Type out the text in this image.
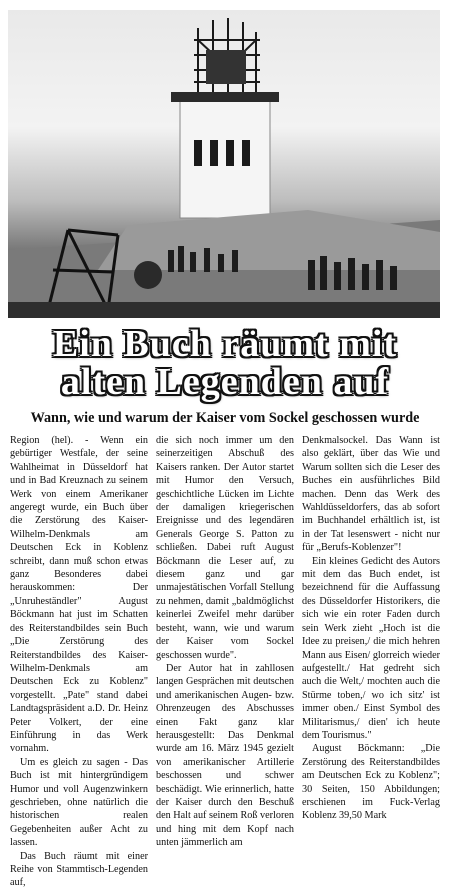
Ein Buch räumt mit
alten Legenden auf
Wann, wie und warum der Kaiser vom Sockel geschossen wurde

Region (hel). - Wenn ein gebürtiger Westfale, der seine Wahlheimat in Düsseldorf hat und in Bad Kreuznach zu seinem Werk von einem Amerikaner angeregt wurde, ein Buch über die Zerstörung des Kaiser-Wilhelm-Denkmals am Deutschen Eck in Koblenz schreibt, dann muß schon etwas ganz Besonderes dabei herauskommen: Der „Unruheständler" August Böckmann hat just im Schatten des Reiterstandbildes sein Buch „Die Zerstörung des Reiterstandbildes des Kaiser-Wilhelm-Denkmals am Deutschen Eck zu Koblenz" vorgestellt. „Pate" stand dabei Landtagspräsident a.D. Dr. Heinz Peter Volkert, der eine Einführung in das Werk vornahm.

Um es gleich zu sagen - Das Buch ist mit hintergründigem Humor und voll Augenzwinkern geschrieben, ohne natürlich die historischen realen Gegebenheiten außer Acht zu lassen.

Das Buch räumt mit einer Reihe von Stammtisch-Legenden auf,

die sich noch immer um den seinerzeitigen Abschuß des Kaisers ranken. Der Autor startet mit Humor den Versuch, geschichtliche Lücken im Lichte der damaligen kriegerischen Ereignisse und des legendären Generals George S. Patton zu schließen. Dabei ruft August Böckmann die Leser auf, zu diesem ganz und gar unmajestätischen Vorfall Stellung zu nehmen, damit „baldmöglichst keinerlei Zweifel mehr darüber besteht, wann, wie und warum der Kaiser vom Sockel geschossen wurde".

Der Autor hat in zahllosen langen Gesprächen mit deutschen und amerikanischen Augen- bzw. Ohrenzeugen des Abschusses einen Fakt ganz klar herausgestellt: Das Denkmal wurde am 16. März 1945 gezielt von amerikanischer Artillerie beschossen und schwer beschädigt. Wie erinnerlich, hatte der Kaiser durch den Beschuß den Halt auf seinem Roß verloren und hing mit dem Kopf nach unten jämmerlich am

Denkmalsockel. Das Wann ist also geklärt, über das Wie und Warum sollten sich die Leser des Buches ein ausführliches Bild machen. Denn das Werk des Wahldüsseldorfers, das ab sofort im Buchhandel erhältlich ist, ist in der Tat lesenswert - nicht nur für „Berufs-Koblenzer"!

Ein kleines Gedicht des Autors mit dem das Buch endet, ist bezeichnend für die Auffassung des Düsseldorfer Historikers, die sich wie ein roter Faden durch sein Werk zieht „Hoch ist die Idee zu preisen,/ die mich hehren Mann aus Eisen/ glorreich wieder aufgestellt./ Hat gedreht sich auch die Welt,/ mochten auch die Stürme toben,/ wo ich sitz' ist immer oben./ Einst Symbol des Militarismus,/ dien' ich heute dem Tourismus."

August Böckmann: „Die Zerstörung des Reiterstandbildes am Deutschen Eck zu Koblenz"; 30 Seiten, 150 Abbildungen; erschienen im Fuck-Verlag Koblenz 39,50 Mark
